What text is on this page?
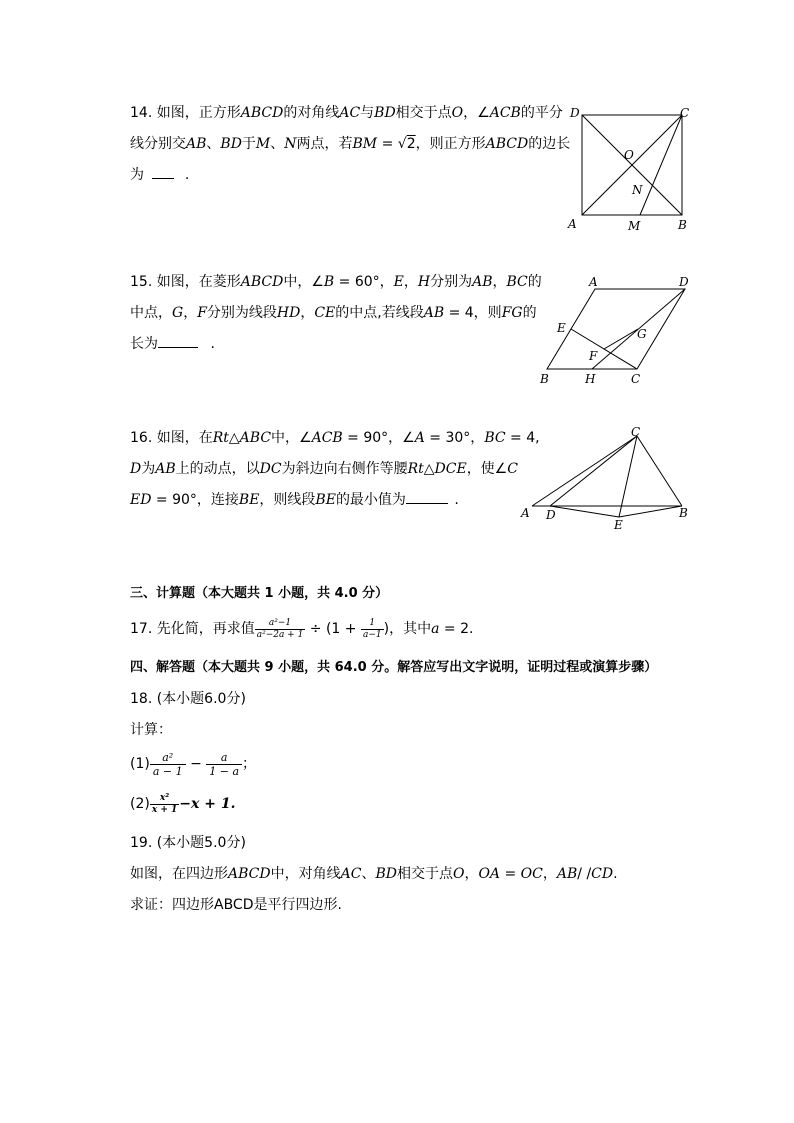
14. 如图，正方形ABCD的对角线AC与BD相交于点O，∠ACB的平分
线分别交AB、BD于M、N两点，若BM = √2，则正方形ABCD的边长
为	.
D	C
O
N
A	M	B
15. 如图，在菱形ABCD中，∠B = 60°，E，H分别为AB，BC的
中点，G，F分别为线段HD，CE的中点,若线段AB = 4，则FG的
长为	.
A	D
E	G
F
B	H	C
16. 如图，在Rt△ABC中，∠ACB = 90°，∠A = 30°，BC = 4,
D为AB上的动点，以DC为斜边向右侧作等腰Rt△DCE，使∠C
ED = 90°，连接BE，则线段BE的最小值为	.
C
A D
E
B
三、计算题（本大题共 1 小题，共 4.0 分）
17. 先化简，再求值 $\frac{\text{a²−1}}{\text{a²−2a + 1}} \div (1 + \frac{1}{a-1}$ )，其中a = 2.
四、解答题（本大题共 9 小题，共 64.0 分。解答应写出文字说明，证明过程或演算步骤）
18. (本小题6.0分)
计算：
$(1) \frac{\text{a²}}{a - 1} - \frac{a}{1 - a}$ ；
$(2) \frac{\text{x²}}{x + 1} -x + 1$.
19. (本小题5.0分)
如图，在四边形ABCD中，对角线AC、BD相交于点O，OA = OC，AB/ /CD.
求证：四边形ABCD是平行四边形.
